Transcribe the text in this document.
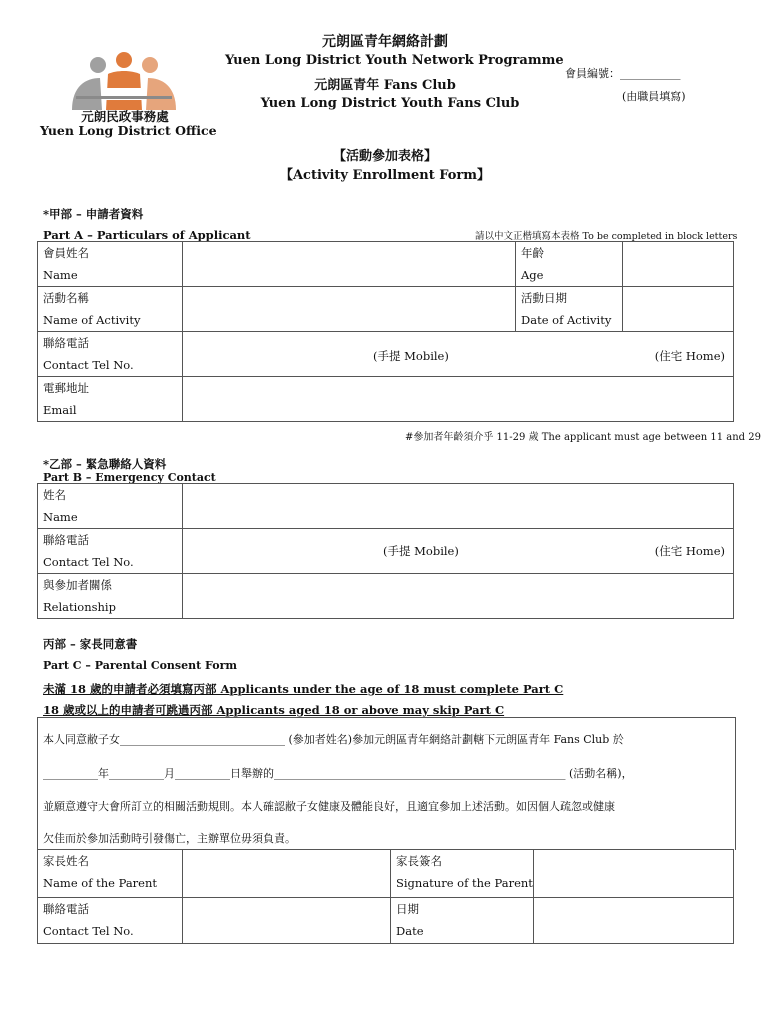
元朗區青年網絡計劃
Yuen Long District Youth Network Programme
元朗區青年 Fans Club
Yuen Long District Youth Fans Club
元朗民政事務處
Yuen Long District Office
會員編號：___________
(由職員填寫)
【活動參加表格】
【Activity Enrollment Form】
*甲部 – 申請者資料
Part A – Particulars of Applicant	請以中文正楷填寫本表格 To be completed in block letters
會員姓名
Name		年齡
Age	

活動名稱
Name of Activity		活動日期
Date of Activity	

聯絡電話
Contact Tel No.	(手提 Mobile) (住宅 Home)		

電郵地址
Email			

#參加者年齡須介乎 11-29 歲 The applicant must age between 11 and 29
*乙部 – 緊急聯絡人資料
Part B – Emergency Contact
姓名
Name	

聯絡電話
Contact Tel No.	(手提 Mobile) (住宅 Home)

與參加者關係
Relationship	

丙部 – 家長同意書
Part C – Parental Consent Form
未滿 18 歲的申請者必須填寫丙部 Applicants under the age of 18 must complete Part C
18 歲或以上的申請者可跳過丙部 Applicants aged 18 or above may skip Part C
本人同意敝子女______________________________ (參加者姓名)參加元朗區青年網絡計劃轄下元朗區青年 Fans Club 於
__________年__________月__________日舉辦的_____________________________________________________ (活動名稱)，
並願意遵守大會所訂立的相關活動規則。本人確認敝子女健康及體能良好，且適宜參加上述活動。如因個人疏忽或健康
欠佳而於參加活動時引發傷亡，主辦單位毋須負責。
家長姓名
Name of the Parent		家長簽名
Signature of the Parent	

聯絡電話
Contact Tel No.		日期
Date	
